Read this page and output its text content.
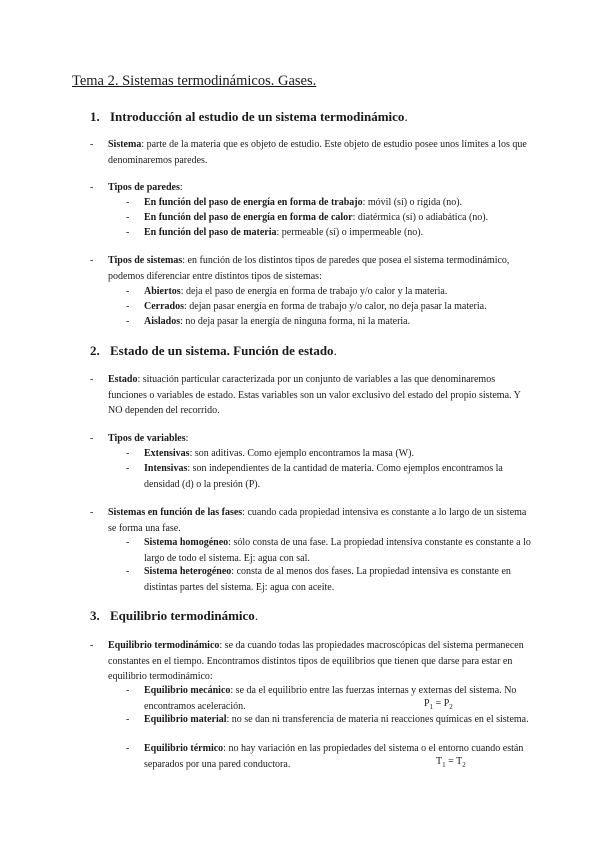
Tema 2. Sistemas termodinámicos. Gases.
1. Introducción al estudio de un sistema termodinámico.
- Sistema: parte de la materia que es objeto de estudio. Este objeto de estudio posee unos límites a los que denominaremos paredes.
- Tipos de paredes:
- En función del paso de energía en forma de trabajo: móvil (sí) o rígida (no).
- En función del paso de energía en forma de calor: diatérmica (sí) o adiabática (no).
- En función del paso de materia: permeable (sí) o impermeable (no).
- Tipos de sistemas: en función de los distintos tipos de paredes que posea el sistema termodinámico, podemos diferenciar entre distintos tipos de sistemas:
- Abiertos: deja el paso de energía en forma de trabajo y/o calor y la materia.
- Cerrados: dejan pasar energía en forma de trabajo y/o calor, no deja pasar la materia.
- Aislados: no deja pasar la energía de ninguna forma, ni la materia.
2. Estado de un sistema. Función de estado.
- Estado: situación particular caracterizada por un conjunto de variables a las que denominaremos funciones o variables de estado. Estas variables son un valor exclusivo del estado del propio sistema. Y NO dependen del recorrido.
- Tipos de variables:
- Extensivas: son aditivas. Como ejemplo encontramos la masa (W).
- Intensivas: son independientes de la cantidad de materia. Como ejemplos encontramos la densidad (d) o la presión (P).
- Sistemas en función de las fases: cuando cada propiedad intensiva es constante a lo largo de un sistema se forma una fase.
- Sistema homogéneo: sólo consta de una fase. La propiedad intensiva constante es constante a lo largo de todo el sistema. Ej: agua con sal.
- Sistema heterogéneo: consta de al menos dos fases. La propiedad intensiva es constante en distintas partes del sistema. Ej: agua con aceite.
3. Equilibrio termodinámico.
- Equilibrio termodinámico: se da cuando todas las propiedades macroscópicas del sistema permanecen constantes en el tiempo. Encontramos distintos tipos de equilibrios que tienen que darse para estar en equilibrio termodinámico:
- Equilibrio mecánico: se da el equilibrio entre las fuerzas internas y externas del sistema. No encontramos aceleración.	$P_1 = P_2$
- Equilibrio material: no se dan ni transferencia de materia ni reacciones químicas en el sistema.
- Equilibrio térmico: no hay variación en las propiedades del sistema o el entorno cuando están separados por una pared conductora.	$T_1 = T_2$
